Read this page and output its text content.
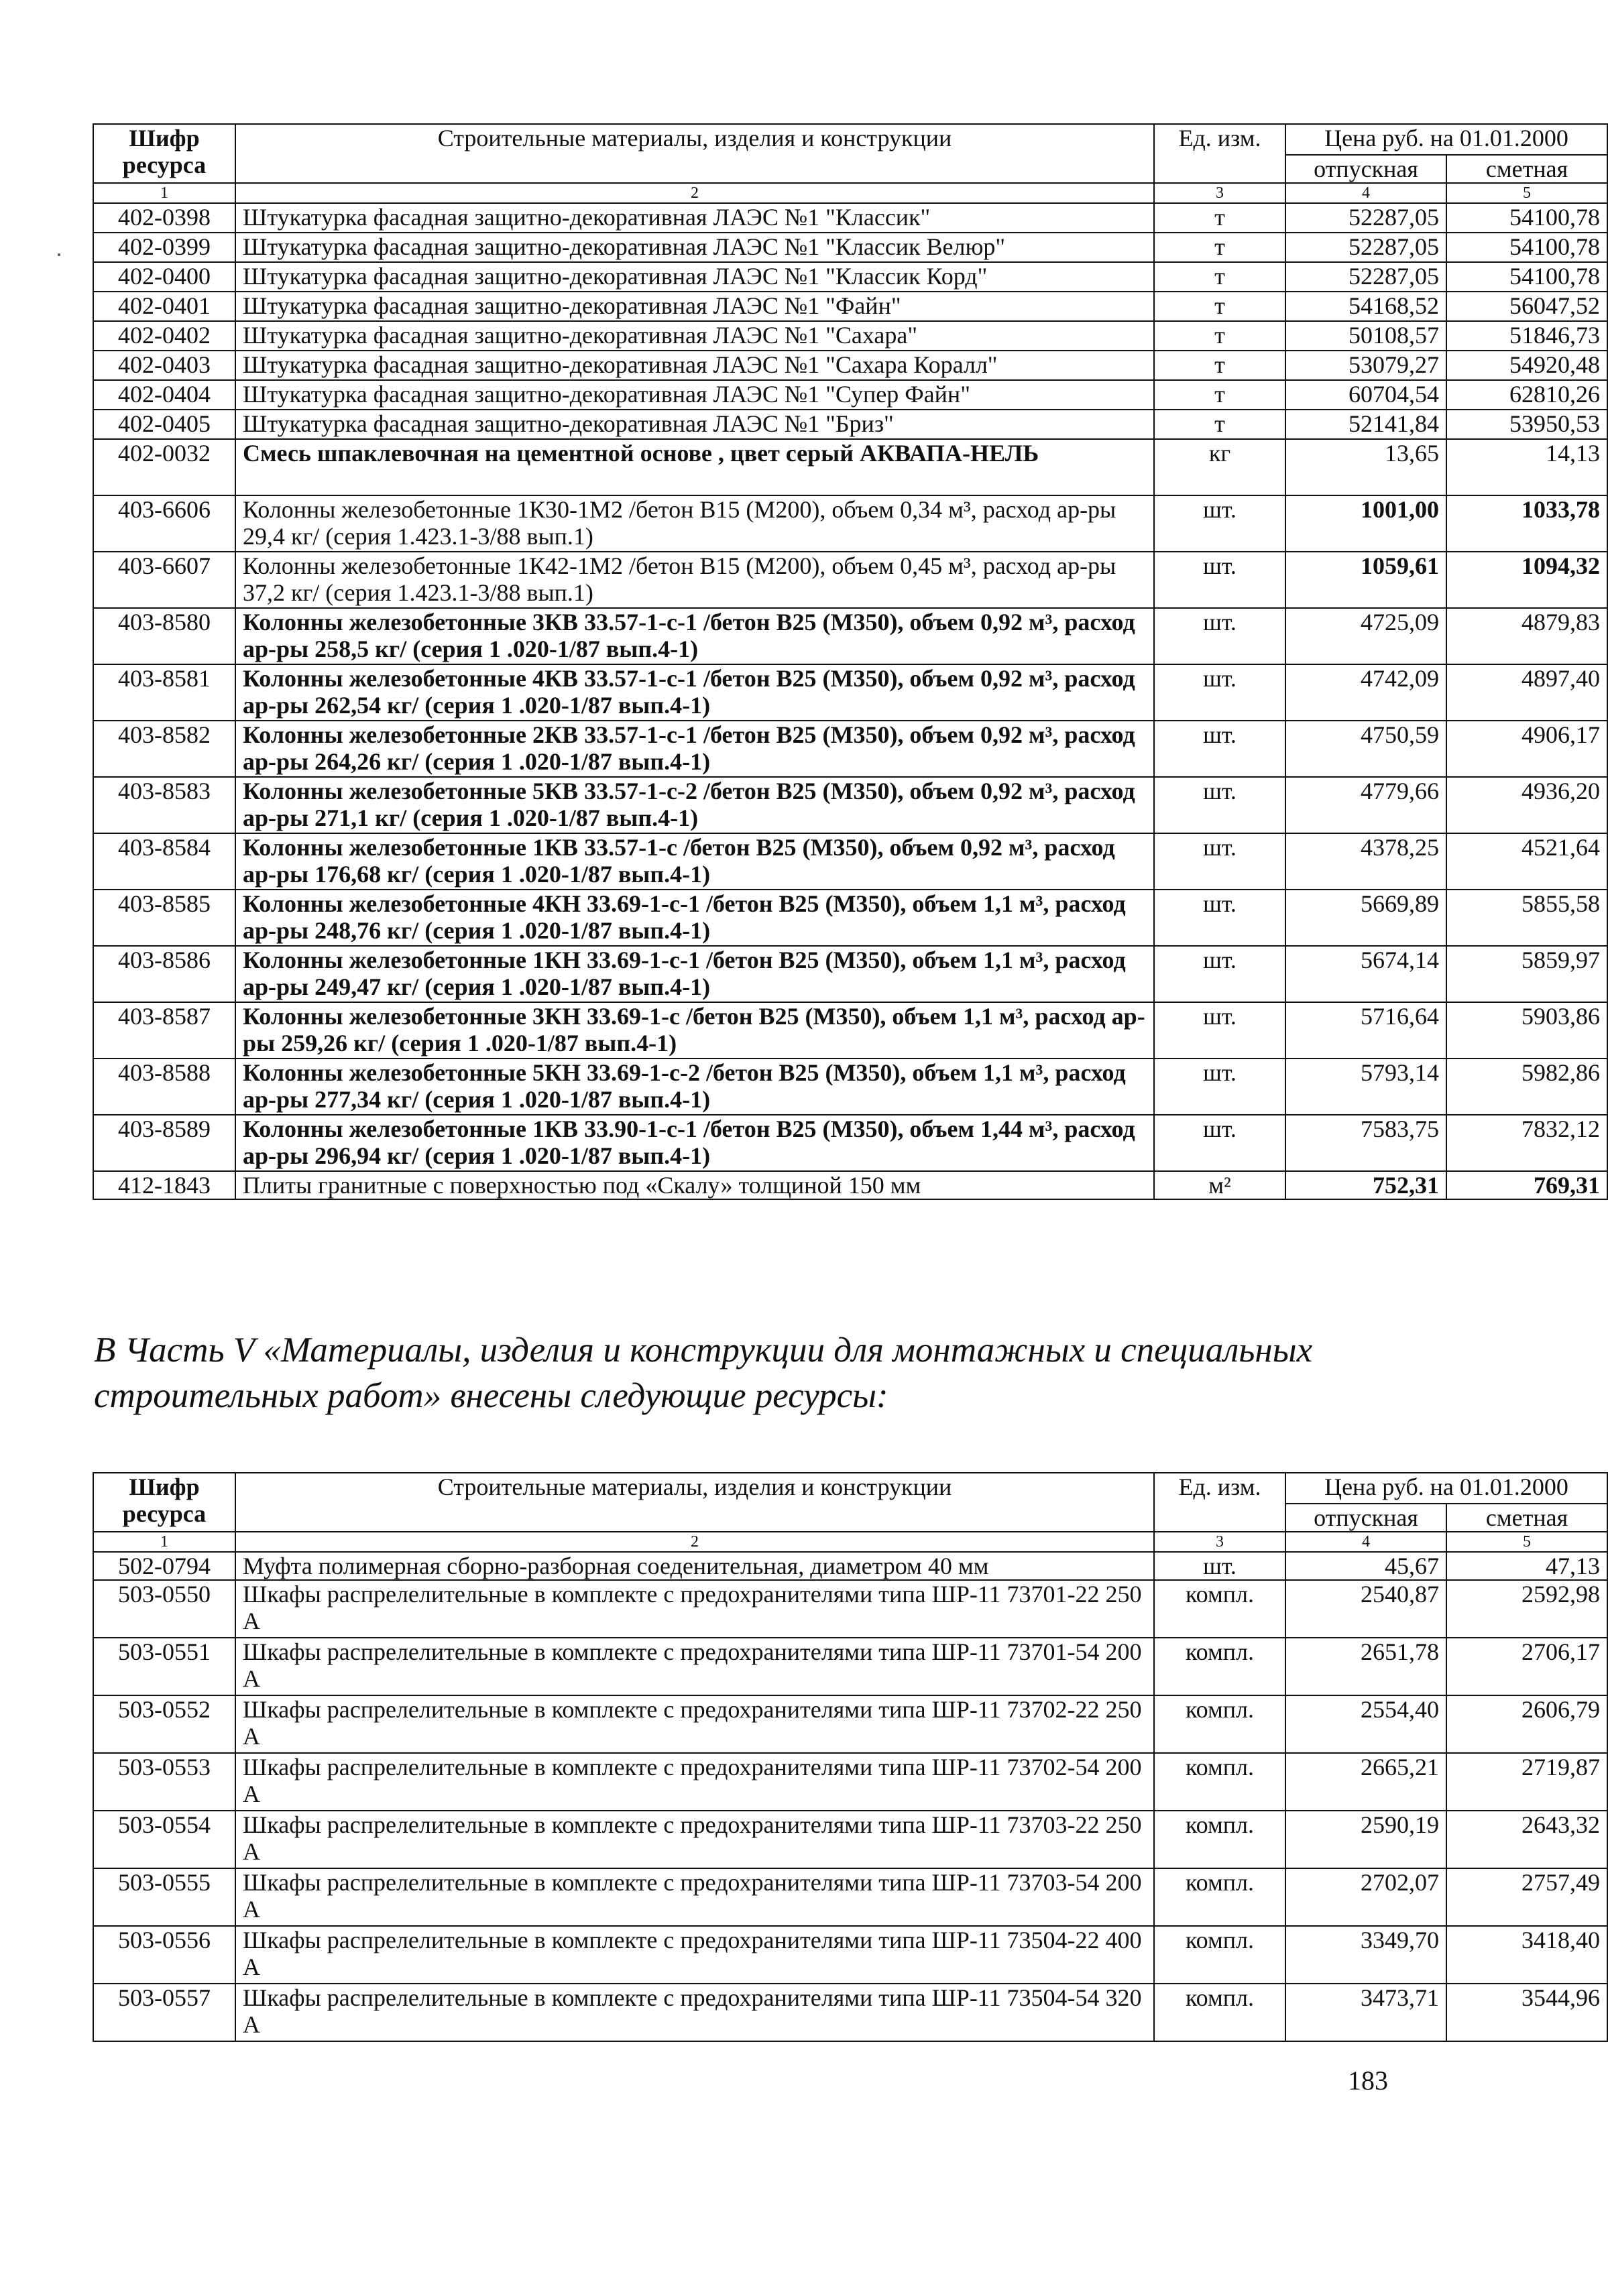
Шифр ресурса	Строительные материалы, изделия и конструкции	Ед. изм.	Цена руб. на 01.01.2000	
			отпускная	сметная
1	2	3	4	5
402-0398	Штукатурка фасадная защитно-декоративная ЛАЭС №1 "Классик"	т	52287,05	54100,78
402-0399	Штукатурка фасадная защитно-декоративная ЛАЭС №1 "Классик Велюр"	т	52287,05	54100,78
402-0400	Штукатурка фасадная защитно-декоративная ЛАЭС №1 "Классик Корд"	т	52287,05	54100,78
402-0401	Штукатурка фасадная защитно-декоративная ЛАЭС №1 "Файн"	т	54168,52	56047,52
402-0402	Штукатурка фасадная защитно-декоративная ЛАЭС №1 "Сахара"	т	50108,57	51846,73
402-0403	Штукатурка фасадная защитно-декоративная ЛАЭС №1 "Сахара Коралл"	т	53079,27	54920,48
402-0404	Штукатурка фасадная защитно-декоративная ЛАЭС №1 "Супер Файн"	т	60704,54	62810,26
402-0405	Штукатурка фасадная защитно-декоративная ЛАЭС №1 "Бриз"	т	52141,84	53950,53
402-0032	Смесь шпаклевочная на цементной основе , цвет серый АКВАПА-НЕЛЬ	кг	13,65	14,13
403-6606	Колонны железобетонные 1К30-1М2 /бетон В15 (М200), объем 0,34 м³, расход ар-ры 29,4 кг/ (серия 1.423.1-3/88 вып.1)	шт.	1001,00	1033,78
403-6607	Колонны железобетонные 1К42-1М2 /бетон В15 (М200), объем 0,45 м³, расход ар-ры 37,2 кг/ (серия 1.423.1-3/88 вып.1)	шт.	1059,61	1094,32
403-8580	Колонны железобетонные 3КВ 33.57-1-с-1 /бетон В25 (М350), объем 0,92 м³, расход ар-ры 258,5 кг/ (серия 1 .020-1/87 вып.4-1)	шт.	4725,09	4879,83
403-8581	Колонны железобетонные 4КВ 33.57-1-с-1 /бетон В25 (М350), объем 0,92 м³, расход ар-ры 262,54 кг/ (серия 1 .020-1/87 вып.4-1)	шт.	4742,09	4897,40
403-8582	Колонны железобетонные 2КВ 33.57-1-с-1 /бетон В25 (М350), объем 0,92 м³, расход ар-ры 264,26 кг/ (серия 1 .020-1/87 вып.4-1)	шт.	4750,59	4906,17
403-8583	Колонны железобетонные 5КВ 33.57-1-с-2 /бетон В25 (М350), объем 0,92 м³, расход ар-ры 271,1 кг/ (серия 1 .020-1/87 вып.4-1)	шт.	4779,66	4936,20
403-8584	Колонны железобетонные 1КВ 33.57-1-с /бетон В25 (М350), объем 0,92 м³, расход ар-ры 176,68 кг/ (серия 1 .020-1/87 вып.4-1)	шт.	4378,25	4521,64
403-8585	Колонны железобетонные 4КН 33.69-1-с-1 /бетон В25 (М350), объем 1,1 м³, расход ар-ры 248,76 кг/ (серия 1 .020-1/87 вып.4-1)	шт.	5669,89	5855,58
403-8586	Колонны железобетонные 1КН 33.69-1-с-1 /бетон В25 (М350), объем 1,1 м³, расход ар-ры 249,47 кг/ (серия 1 .020-1/87 вып.4-1)	шт.	5674,14	5859,97
403-8587	Колонны железобетонные 3КН 33.69-1-с /бетон В25 (М350), объем 1,1 м³, расход ар-ры 259,26 кг/ (серия 1 .020-1/87 вып.4-1)	шт.	5716,64	5903,86
403-8588	Колонны железобетонные 5КН 33.69-1-с-2 /бетон В25 (М350), объем 1,1 м³, расход ар-ры 277,34 кг/ (серия 1 .020-1/87 вып.4-1)	шт.	5793,14	5982,86
403-8589	Колонны железобетонные 1КВ 33.90-1-с-1 /бетон В25 (М350), объем 1,44 м³, расход ар-ры 296,94 кг/ (серия 1 .020-1/87 вып.4-1)	шт.	7583,75	7832,12
412-1843	Плиты гранитные с поверхностью под «Скалу» толщиной 150 мм	м²	752,31	769,31

В Часть V «Материалы, изделия и конструкции для монтажных и специальных строительных работ» внесены следующие ресурсы:

Шифр ресурса	Строительные материалы, изделия и конструкции	Ед. изм.	Цена руб. на 01.01.2000	
			отпускная	сметная
1	2	3	4	5
502-0794	Муфта полимерная сборно-разборная соеденительная, диаметром 40 мм	шт.	45,67	47,13
503-0550	Шкафы распрелелительные в комплекте с предохранителями типа ШР-11 73701-22 250 А	компл.	2540,87	2592,98
503-0551	Шкафы распрелелительные в комплекте с предохранителями типа ШР-11 73701-54 200 А	компл.	2651,78	2706,17
503-0552	Шкафы распрелелительные в комплекте с предохранителями типа ШР-11 73702-22 250 А	компл.	2554,40	2606,79
503-0553	Шкафы распрелелительные в комплекте с предохранителями типа ШР-11 73702-54 200 А	компл.	2665,21	2719,87
503-0554	Шкафы распрелелительные в комплекте с предохранителями типа ШР-11 73703-22 250 А	компл.	2590,19	2643,32
503-0555	Шкафы распрелелительные в комплекте с предохранителями типа ШР-11 73703-54 200 А	компл.	2702,07	2757,49
503-0556	Шкафы распрелелительные в комплекте с предохранителями типа ШР-11 73504-22 400 А	компл.	3349,70	3418,40
503-0557	Шкафы распрелелительные в комплекте с предохранителями типа ШР-11 73504-54 320 А	компл.	3473,71	3544,96
183
